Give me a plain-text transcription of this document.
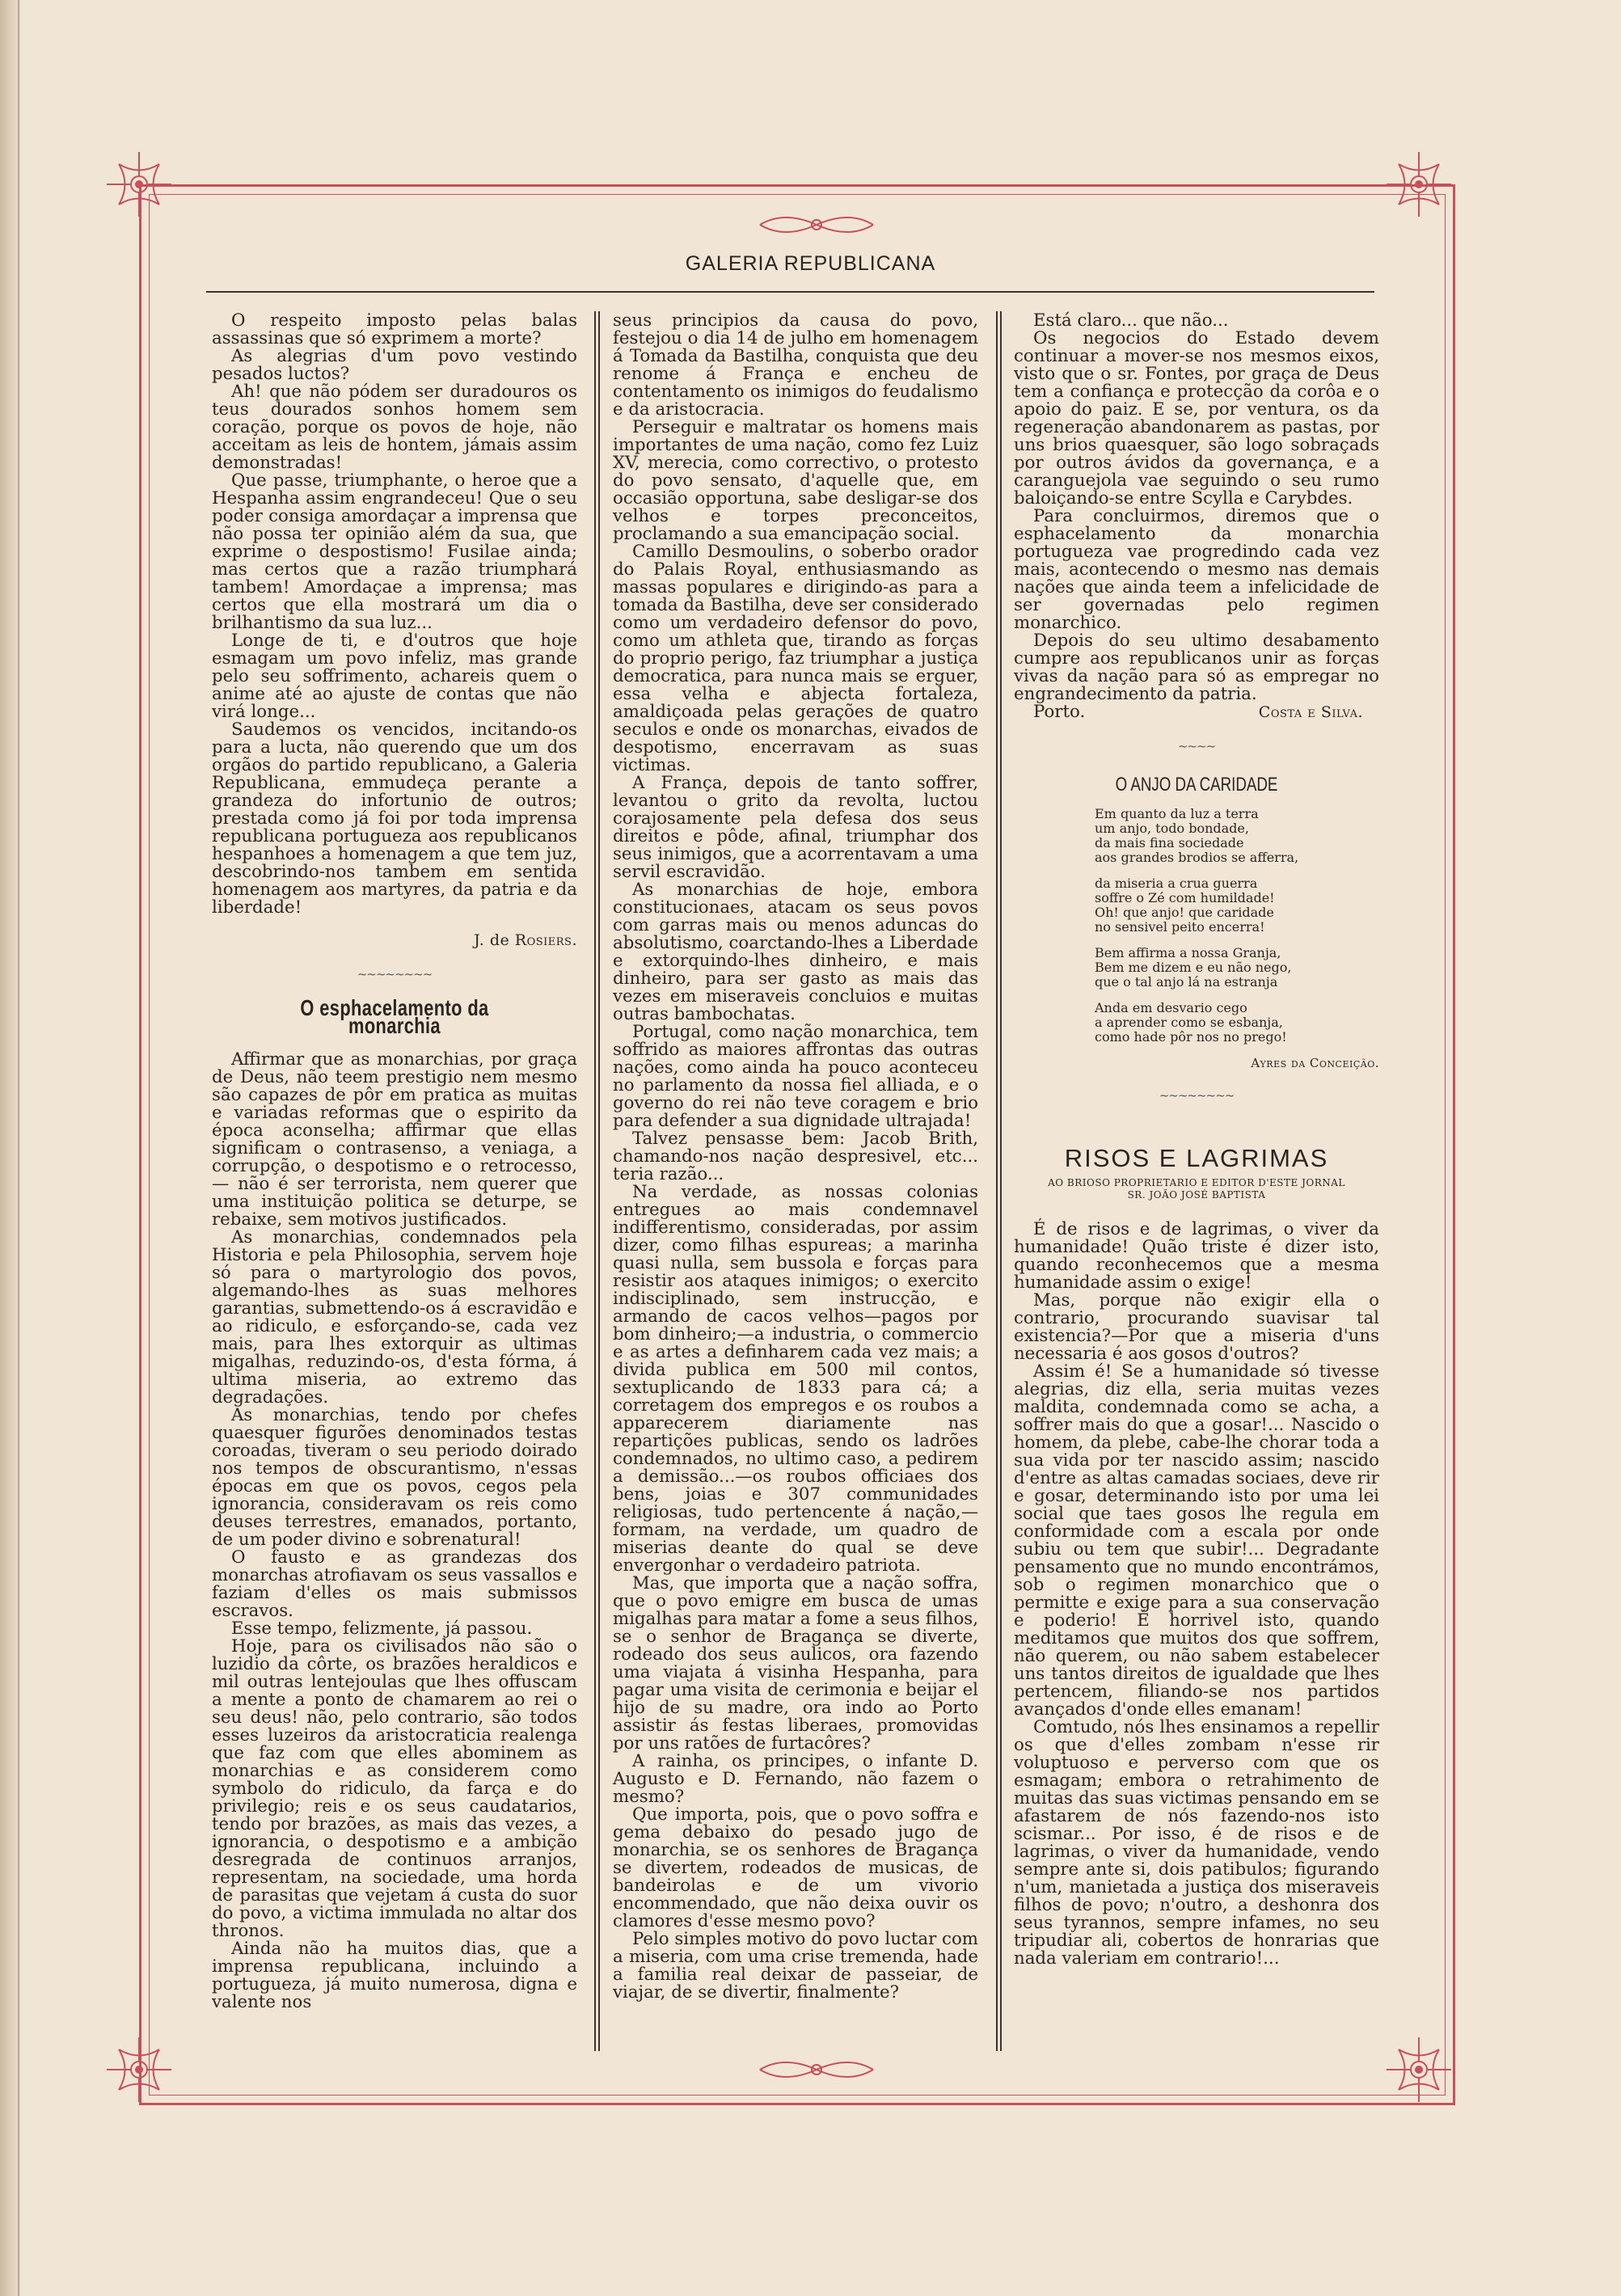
GALERIA REPUBLICANA

O respeito imposto pelas balas assassinas que só exprimem a morte?

As alegrias d'um povo vestindo pesados luctos?

Ah! que não pódem ser duradouros os teus dourados sonhos homem sem coração, porque os povos de hoje, não acceitam as leis de hontem, jámais assim demonstradas!

Que passe, triumphante, o heroe que a Hespanha assim engrandeceu! Que o seu poder consiga amordaçar a imprensa que não possa ter opinião além da sua, que exprime o despostismo! Fusilae ainda; mas certos que a razão triumphará tambem! Amordaçae a imprensa; mas certos que ella mostrará um dia o brilhantismo da sua luz...

Longe de ti, e d'outros que hoje esmagam um povo infeliz, mas grande pelo seu soffrimento, achareis quem o anime até ao ajuste de contas que não virá longe...

Saudemos os vencidos, incitando-os para a lucta, não querendo que um dos orgãos do partido republicano, a Galeria Republicana, emmudeça perante a grandeza do infortunio de outros; prestada como já foi por toda imprensa republicana portugueza aos republicanos hespanhoes a homenagem a que tem juz, descobrindo-nos tambem em sentida homenagem aos martyres, da patria e da liberdade!

J. de Rosiers.

~~~~~~~~
O esphacelamento da monarchia

Affirmar que as monarchias, por graça de Deus, não teem prestigio nem mesmo são capazes de pôr em pratica as muitas e variadas reformas que o espirito da época aconselha; affirmar que ellas significam o contrasenso, a veniaga, a corrupção, o despotismo e o retrocesso,— não é ser terrorista, nem querer que uma instituição politica se deturpe, se rebaixe, sem motivos justificados.

As monarchias, condemnados pela Historia e pela Philosophia, servem hoje só para o martyrologio dos povos, algemando-lhes as suas melhores garantias, submettendo-os á escravidão e ao ridiculo, e esforçando-se, cada vez mais, para lhes extorquir as ultimas migalhas, reduzindo-os, d'esta fórma, á ultima miseria, ao extremo das degradações.

As monarchias, tendo por chefes quaesquer figurões denominados testas coroadas, tiveram o seu periodo doirado nos tempos de obscurantismo, n'essas épocas em que os povos, cegos pela ignorancia, consideravam os reis como deuses terrestres, emanados, portanto, de um poder divino e sobrenatural!

O fausto e as grandezas dos monarchas atrofiavam os seus vassallos e faziam d'elles os mais submissos escravos.

Esse tempo, felizmente, já passou.

Hoje, para os civilisados não são o luzidio da côrte, os brazões heraldicos e mil outras lentejoulas que lhes offuscam a mente a ponto de chamarem ao rei o seu deus! não, pelo contrario, são todos esses luzeiros da aristocraticia realenga que faz com que elles abominem as monarchias e as considerem como symbolo do ridiculo, da farça e do privilegio; reis e os seus caudatarios, tendo por brazões, as mais das vezes, a ignorancia, o despotismo e a ambição desregrada de continuos arranjos, representam, na sociedade, uma horda de parasitas que vejetam á custa do suor do povo, a victima immulada no altar dos thronos.

Ainda não ha muitos dias, que a imprensa republicana, incluindo a portugueza, já muito numerosa, digna e valente nos

seus principios da causa do povo, festejou o dia 14 de julho em homenagem á Tomada da Bastilha, conquista que deu renome á França e encheu de contentamento os inimigos do feudalismo e da aristocracia.

Perseguir e maltratar os homens mais importantes de uma nação, como fez Luiz XV, merecia, como correctivo, o protesto do povo sensato, d'aquelle que, em occasião opportuna, sabe desligar-se dos velhos e torpes preconceitos, proclamando a sua emancipação social.

Camillo Desmoulins, o soberbo orador do Palais Royal, enthusiasmando as massas populares e dirigindo-as para a tomada da Bastilha, deve ser considerado como um verdadeiro defensor do povo, como um athleta que, tirando as forças do proprio perigo, faz triumphar a justiça democratica, para nunca mais se erguer, essa velha e abjecta fortaleza, amaldiçoada pelas gerações de quatro seculos e onde os monarchas, eivados de despotismo, encerravam as suas victimas.

A França, depois de tanto soffrer, levantou o grito da revolta, luctou corajosamente pela defesa dos seus direitos e pôde, afinal, triumphar dos seus inimigos, que a acorrentavam a uma servil escravidão.

As monarchias de hoje, embora constitucionaes, atacam os seus povos com garras mais ou menos aduncas do absolutismo, coarctando-lhes a Liberdade e extorquindo-lhes dinheiro, e mais dinheiro, para ser gasto as mais das vezes em miseraveis concluios e muitas outras bambochatas.

Portugal, como nação monarchica, tem soffrido as maiores affrontas das outras nações, como ainda ha pouco aconteceu no parlamento da nossa fiel alliada, e o governo do rei não teve coragem e brio para defender a sua dignidade ultrajada!

Talvez pensasse bem: Jacob Brith, chamando-nos nação despresivel, etc... teria razão...

Na verdade, as nossas colonias entregues ao mais condemnavel indifferentismo, consideradas, por assim dizer, como filhas espureas; a marinha quasi nulla, sem bussola e forças para resistir aos ataques inimigos; o exercito indisciplinado, sem instrucção, e armando de cacos velhos—pagos por bom dinheiro;—a industria, o commercio e as artes a definharem cada vez mais; a divida publica em 500 mil contos, sextuplicando de 1833 para cá; a corretagem dos empregos e os roubos a apparecerem diariamente nas repartições publicas, sendo os ladrões condemnados, no ultimo caso, a pedirem a demissão...—os roubos officiaes dos bens, joias e 307 communidades religiosas, tudo pertencente á nação,—formam, na verdade, um quadro de miserias deante do qual se deve envergonhar o verdadeiro patriota.

Mas, que importa que a nação soffra, que o povo emigre em busca de umas migalhas para matar a fome a seus filhos, se o senhor de Bragança se diverte, rodeado dos seus aulicos, ora fazendo uma viajata á visinha Hespanha, para pagar uma visita de cerimonia e beijar el hijo de su madre, ora indo ao Porto assistir ás festas liberaes, promovidas por uns ratões de furtacôres?

A rainha, os principes, o infante D. Augusto e D. Fernando, não fazem o mesmo?

Que importa, pois, que o povo soffra e gema debaixo do pesado jugo de monarchia, se os senhores de Bragança se divertem, rodeados de musicas, de bandeirolas e de um vivorio encommendado, que não deixa ouvir os clamores d'esse mesmo povo?

Pelo simples motivo do povo luctar com a miseria, com uma crise tremenda, hade a familia real deixar de passeiar, de viajar, de se divertir, finalmente?

Está claro... que não...

Os negocios do Estado devem continuar a mover-se nos mesmos eixos, visto que o sr. Fontes, por graça de Deus tem a confiança e protecção da corôa e o apoio do paiz. E se, por ventura, os da regeneração abandonarem as pastas, por uns brios quaesquer, são logo sobraçads por outros ávidos da governança, e a caranguejola vae seguindo o seu rumo baloiçando-se entre Scylla e Carybdes.

Para concluirmos, diremos que o esphacelamento da monarchia portugueza vae progredindo cada vez mais, acontecendo o mesmo nas demais nações que ainda teem a infelicidade de ser governadas pelo regimen monarchico.

Depois do seu ultimo desabamento cumpre aos republicanos unir as forças vivas da nação para só as empregar no engrandecimento da patria.

Porto.	Costa e Silva.

~~~~
O ANJO DA CARIDADE
Em quanto da luz a terra
um anjo, todo bondade,
da mais fina sociedade
aos grandes brodios se afferra,
da miseria a crua guerra
soffre o Zé com humildade!
Oh! que anjo! que caridade
no sensivel peito encerra!
Bem affirma a nossa Granja,
Bem me dizem e eu não nego,
que o tal anjo lá na estranja
Anda em desvario cego
a aprender como se esbanja,
como hade pôr nos no prego!
Ayres da Conceição.
~~~~~~~~
RISOS E LAGRIMAS
AO BRIOSO PROPRIETARIO E EDITOR D'ESTE JORNAL
SR. JOÃO JOSÉ BAPTISTA

É de risos e de lagrimas, o viver da humanidade! Quão triste é dizer isto, quando reconhecemos que a mesma humanidade assim o exige!

Mas, porque não exigir ella o contrario, procurando suavisar tal existencia?—Por que a miseria d'uns necessaria é aos gosos d'outros?

Assim é! Se a humanidade só tivesse alegrias, diz ella, seria muitas vezes maldita, condemnada como se acha, a soffrer mais do que a gosar!... Nascido o homem, da plebe, cabe-lhe chorar toda a sua vida por ter nascido assim; nascido d'entre as altas camadas sociaes, deve rir e gosar, determinando isto por uma lei social que taes gosos lhe regula em conformidade com a escala por onde subiu ou tem que subir!... Degradante pensamento que no mundo encontrámos, sob o regimen monarchico que o permitte e exige para a sua conservação e poderio! É horrivel isto, quando meditamos que muitos dos que soffrem, não querem, ou não sabem estabelecer uns tantos direitos de igualdade que lhes pertencem, filiando-se nos partidos avançados d'onde elles emanam!

Comtudo, nós lhes ensinamos a repellir os que d'elles zombam n'esse rir voluptuoso e perverso com que os esmagam; embora o retrahimento de muitas das suas victimas pensando em se afastarem de nós fazendo-nos isto scismar... Por isso, é de risos e de lagrimas, o viver da humanidade, vendo sempre ante si, dois patibulos; figurando n'um, manietada a justiça dos miseraveis filhos de povo; n'outro, a deshonra dos seus tyrannos, sempre infames, no seu tripudiar ali, cobertos de honrarias que nada valeriam em contrario!...
